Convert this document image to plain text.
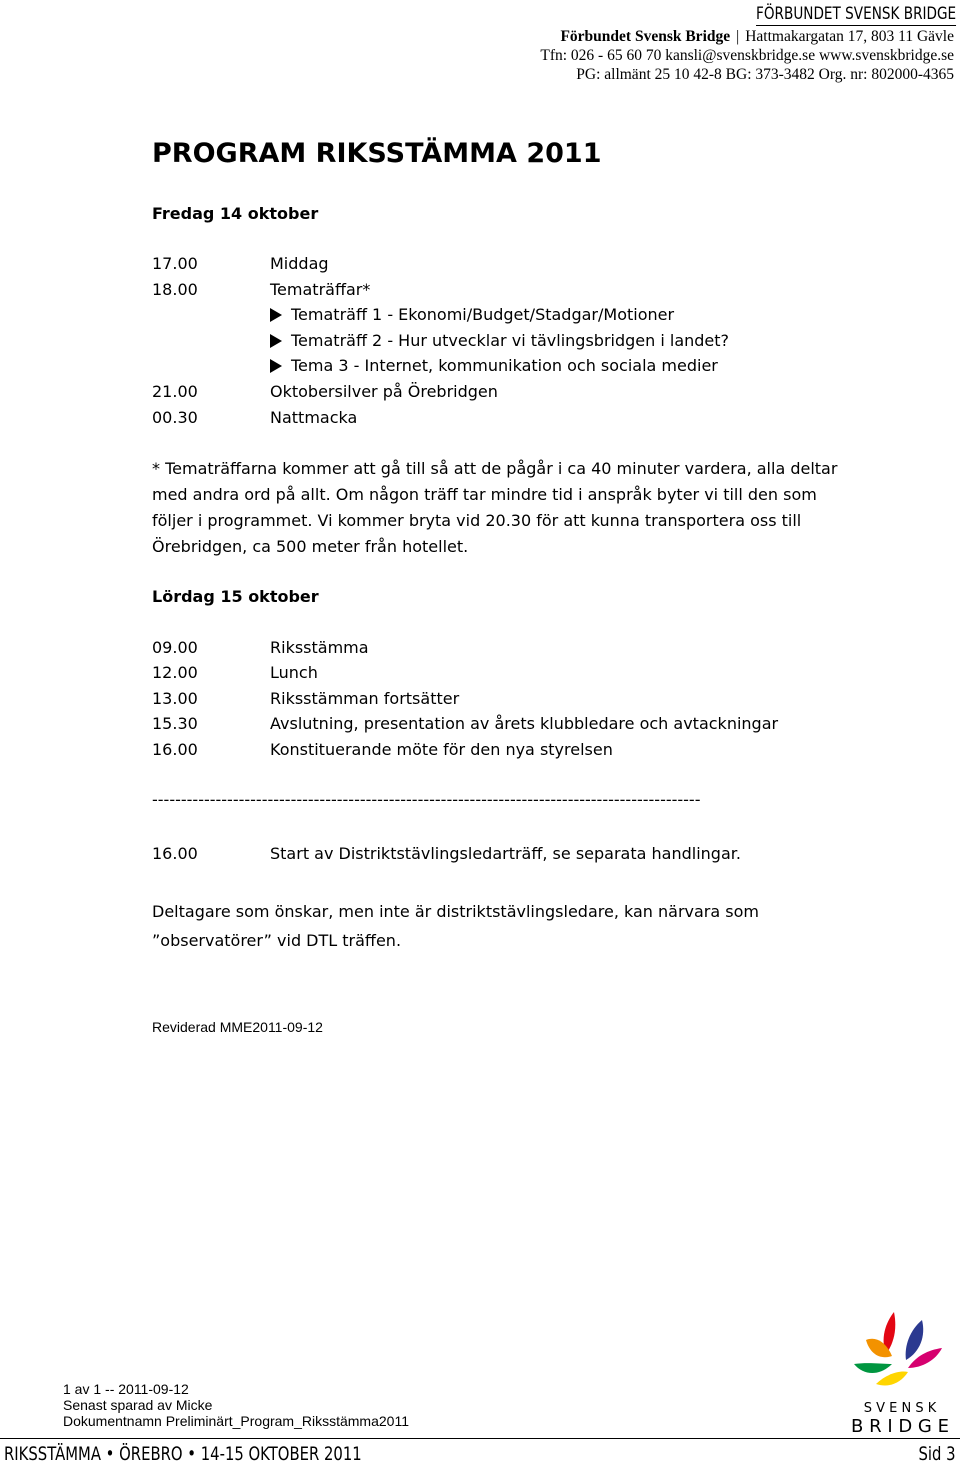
FÖRBUNDET SVENSK BRIDGE
Förbundet Svensk Bridge | Hattmakargatan 17, 803 11 Gävle
Tfn: 026 - 65 60 70 kansli@svenskbridge.se www.svenskbridge.se
PG: allmänt 25 10 42-8 BG: 373-3482 Org. nr: 802000-4365
PROGRAM RIKSSTÄMMA 2011
Fredag 14 oktober
17.00	Middag
18.00	Tematräffar*
Tematräff 1 - Ekonomi/Budget/Stadgar/Motioner
Tematräff 2 - Hur utvecklar vi tävlingsbridgen i landet?
Tema 3 - Internet, kommunikation och sociala medier
21.00	Oktobersilver på Örebridgen
00.30	Nattmacka
* Tematräffarna kommer att gå till så att de pågår i ca 40 minuter vardera, alla deltar
med andra ord på allt. Om någon träff tar mindre tid i anspråk byter vi till den som
följer i programmet. Vi kommer bryta vid 20.30 för att kunna transportera oss till
Örebridgen, ca 500 meter från hotellet.
Lördag 15 oktober
09.00	Riksstämma
12.00	Lunch
13.00	Riksstämman fortsätter
15.30	Avslutning, presentation av årets klubbledare och avtackningar
16.00	Konstituerande möte för den nya styrelsen
-----------------------------------------------------------------------------------------------
16.00	Start av Distriktstävlingsledarträff, se separata handlingar.
Deltagare som önskar, men inte är distriktstävlingsledare, kan närvara som
”observatörer” vid DTL träffen.
Reviderad MME2011-09-12
1 av 1 -- 2011-09-12
Senast sparad av Micke
Dokumentnamn Preliminärt_Program_Riksstämma2011
S V E N S K
B R I D G E
RIKSSTÄMMA • ÖREBRO • 14-15 OKTOBER 2011	Sid 3
